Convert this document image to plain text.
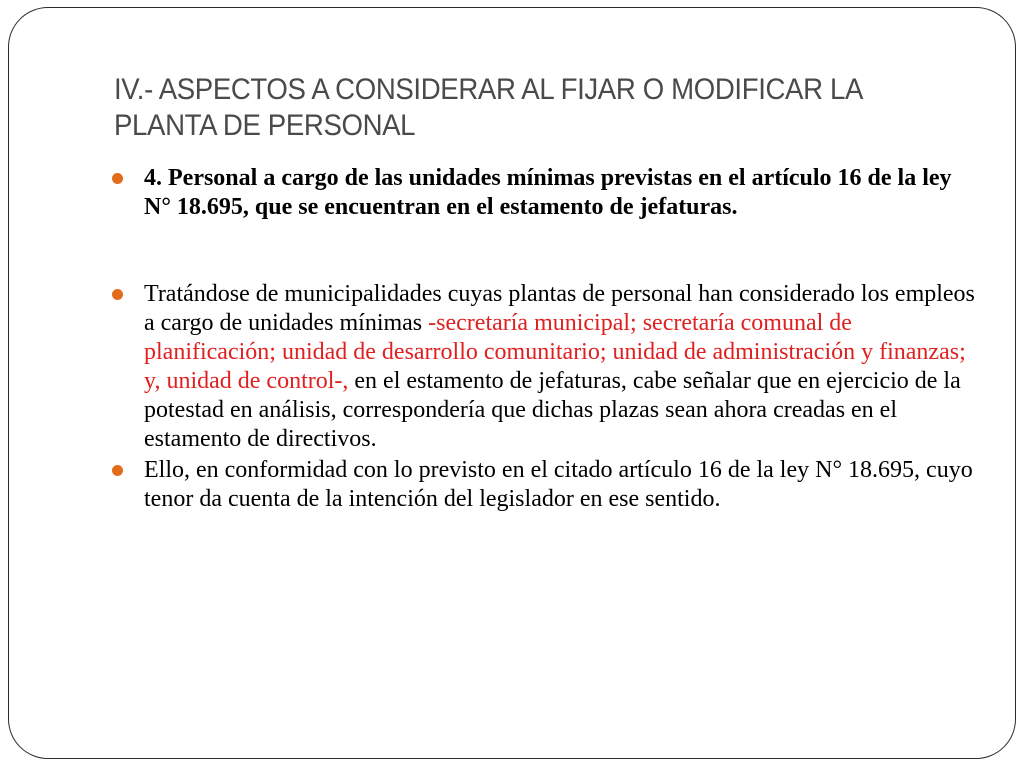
IV.- ASPECTOS A CONSIDERAR AL FIJAR O MODIFICAR LA PLANTA DE PERSONAL
4. Personal a cargo de las unidades mínimas previstas en el artículo 16 de la ley N° 18.695, que se encuentran en el estamento de jefaturas.
Tratándose de municipalidades cuyas plantas de personal han considerado los empleos a cargo de unidades mínimas -secretaría municipal; secretaría comunal de planificación; unidad de desarrollo comunitario; unidad de administración y finanzas; y, unidad de control-, en el estamento de jefaturas, cabe señalar que en ejercicio de la potestad en análisis, correspondería que dichas plazas sean ahora creadas en el estamento de directivos.
Ello, en conformidad con lo previsto en el citado artículo 16 de la ley N° 18.695, cuyo tenor da cuenta de la intención del legislador en ese sentido.
